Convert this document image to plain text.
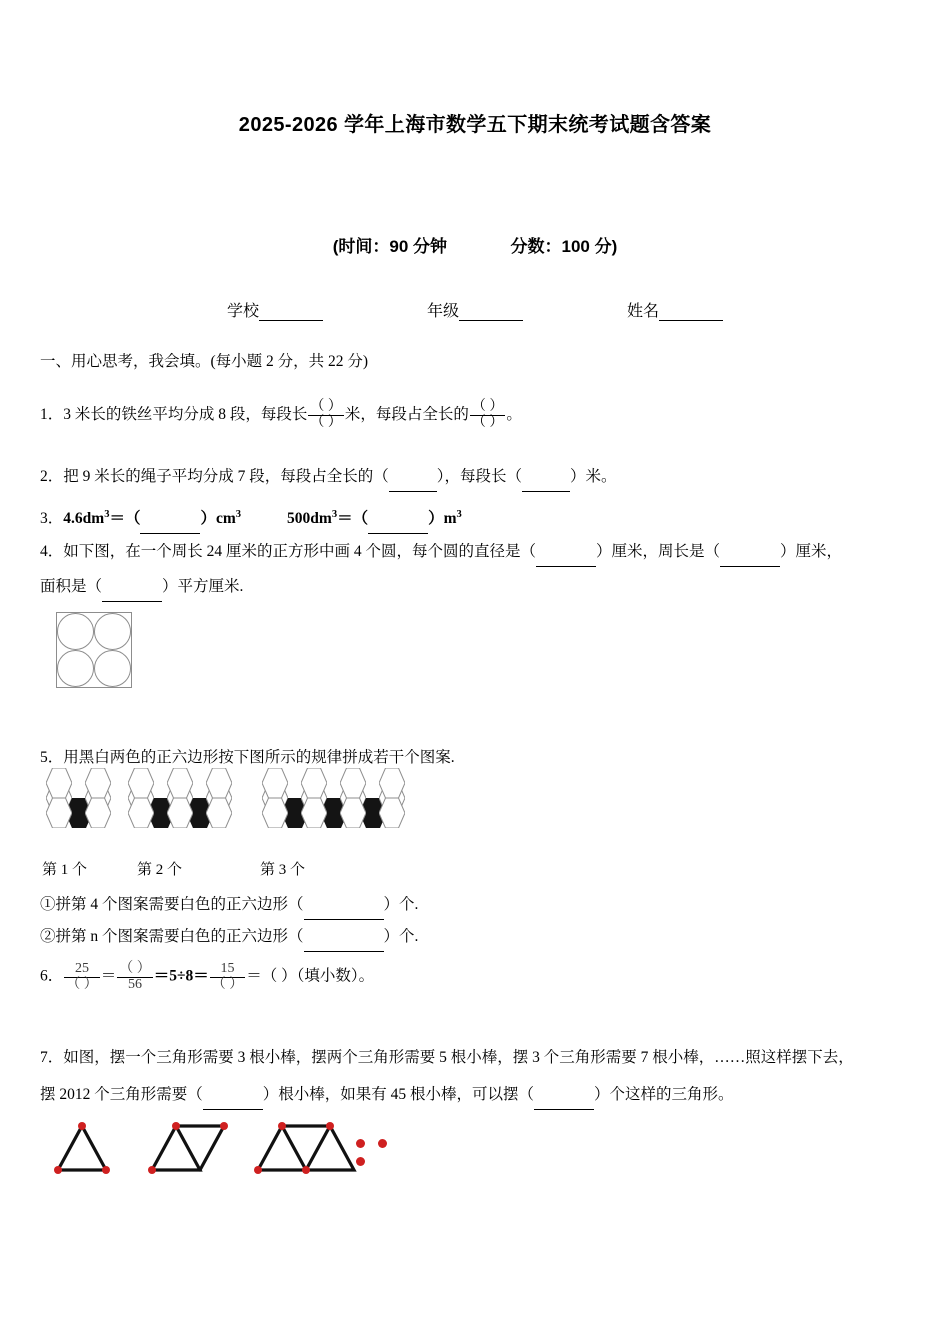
2025-2026 学年上海市数学五下期末统考试题含答案
(时间：90 分钟	分数：100 分)
学校	年级	姓名
一、用心思考，我会填。(每小题 2 分，共 22 分)
1．3 米长的铁丝平均分成 8 段，每段长 $\frac{( )}{( )}$ 米，每段占全长的 $\frac{( )}{( )}$ 。
2．把 9 米长的绳子平均分成 7 段，每段占全长的（	），每段长（	）米。
3．$4.6dm^3=$（	）$cm^3$	$500dm^3=$（	）$m^3$
4．如下图，在一个周长 24 厘米的正方形中画 4 个圆，每个圆的直径是（	）厘米，周长是（	）厘米，
面积是（	）平方厘米.
5．用黑白两色的正六边形按下图所示的规律拼成若干个图案.
第 1 个	第 2 个	第 3 个
①拼第 4 个图案需要白色的正六边形（	）个.
②拼第 n 个图案需要白色的正六边形（	）个.
6． $\frac{25}{( )} = \frac{( )}{56} =5\div 8= \frac{15}{( )}$ ＝（ ）（填小数）。
7．如图，摆一个三角形需要 3 根小棒，摆两个三角形需要 5 根小棒，摆 3 个三角形需要 7 根小棒，……照这样摆下去，
摆 2012 个三角形需要（	）根小棒，如果有 45 根小棒，可以摆（	）个这样的三角形。
